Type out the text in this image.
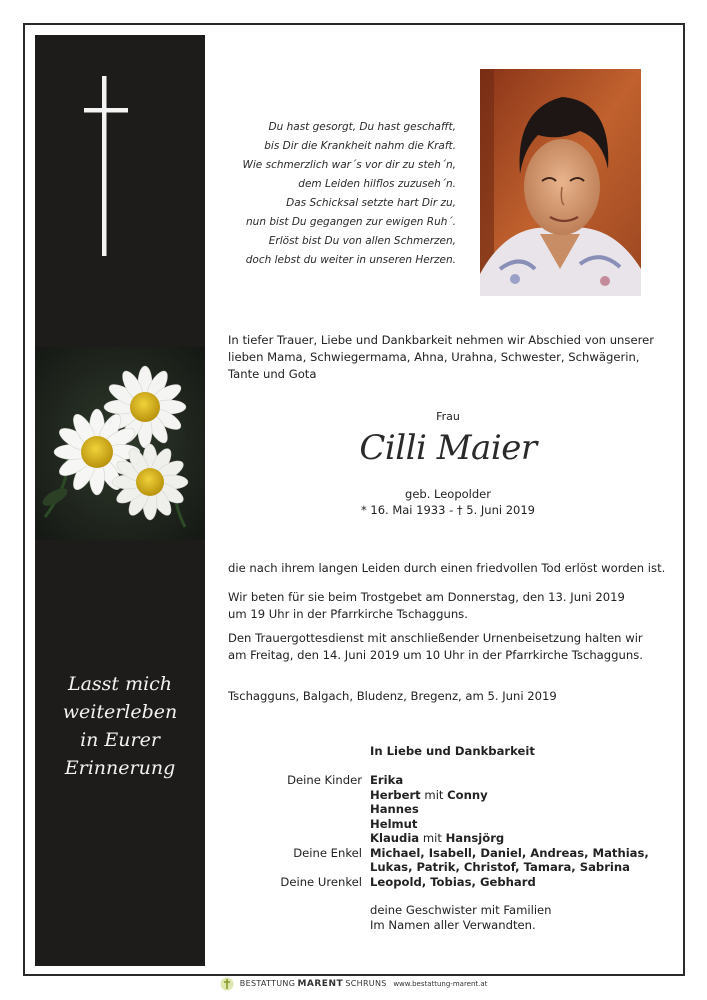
Lasst mich
weiterleben
in Eurer
Erinnerung
Du hast gesorgt, Du hast geschafft,
bis Dir die Krankheit nahm die Kraft.
Wie schmerzlich war´s vor dir zu steh´n,
dem Leiden hilflos zuzuseh´n.
Das Schicksal setzte hart Dir zu,
nun bist Du gegangen zur ewigen Ruh´.
Erlöst bist Du von allen Schmerzen,
doch lebst du weiter in unseren Herzen.
In tiefer Trauer, Liebe und Dankbarkeit nehmen wir Abschied von unserer
lieben Mama, Schwiegermama, Ahna, Urahna, Schwester, Schwägerin,
Tante und Gota
Frau
Cilli Maier
geb. Leopolder
* 16. Mai 1933 - † 5. Juni 2019
die nach ihrem langen Leiden durch einen friedvollen Tod erlöst worden ist.
Wir beten für sie beim Trostgebet am Donnerstag, den 13. Juni 2019
um 19 Uhr in der Pfarrkirche Tschagguns.
Den Trauergottesdienst mit anschließender Urnenbeisetzung halten wir
am Freitag, den 14. Juni 2019 um 10 Uhr in der Pfarrkirche Tschagguns.
Tschagguns, Balgach, Bludenz, Bregenz, am 5. Juni 2019
In Liebe und Dankbarkeit
Deine Kinder Erika
Herbert mit Conny
Hannes
Helmut
Klaudia mit Hansjörg
Deine Enkel Michael, Isabell, Daniel, Andreas, Mathias,
Lukas, Patrik, Christof, Tamara, Sabrina
Deine Urenkel Leopold, Tobias, Gebhard
deine Geschwister mit Familien
Im Namen aller Verwandten.
BESTATTUNG MARENT SCHRUNS www.bestattung-marent.at
